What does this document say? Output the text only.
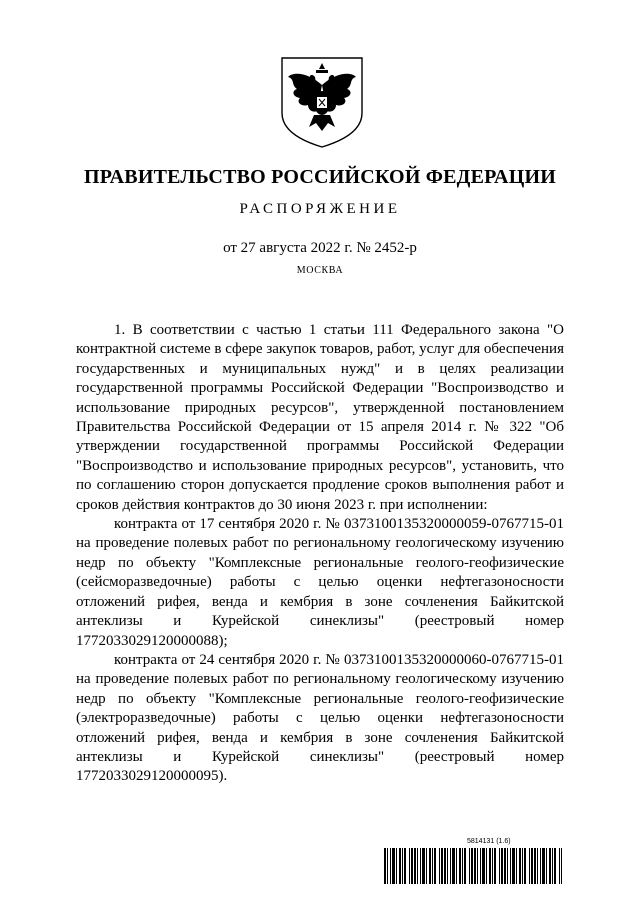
ПРАВИТЕЛЬСТВО РОССИЙСКОЙ ФЕДЕРАЦИИ
РАСПОРЯЖЕНИЕ
от 27 августа 2022 г. № 2452-р
МОСКВА

1. В соответствии с частью 1 статьи 111 Федерального закона "О контрактной системе в сфере закупок товаров, работ, услуг для обеспечения государственных и муниципальных нужд" и в целях реализации государственной программы Российской Федерации "Воспроизводство и использование природных ресурсов", утвержденной постановлением Правительства Российской Федерации от 15 апреля 2014 г. № 322 "Об утверждении государственной программы Российской Федерации "Воспроизводство и использование природных ресурсов", установить, что по соглашению сторон допускается продление сроков выполнения работ и сроков действия контрактов до 30 июня 2023 г. при исполнении:

контракта от 17 сентября 2020 г. № 0373100135320000059-0767715-01 на проведение полевых работ по региональному геологическому изучению недр по объекту "Комплексные региональные геолого-геофизические (сейсморазведочные) работы с целью оценки нефтегазоносности отложений рифея, венда и кембрия в зоне сочленения Байкитской антеклизы и Курейской синеклизы" (реестровый номер 1772033029120000088);

контракта от 24 сентября 2020 г. № 0373100135320000060-0767715-01 на проведение полевых работ по региональному геологическому изучению недр по объекту "Комплексные региональные геолого-геофизические (электроразведочные) работы с целью оценки нефтегазоносности отложений рифея, венда и кембрия в зоне сочленения Байкитской антеклизы и Курейской синеклизы" (реестровый номер 1772033029120000095).

5814131 (1.6)
